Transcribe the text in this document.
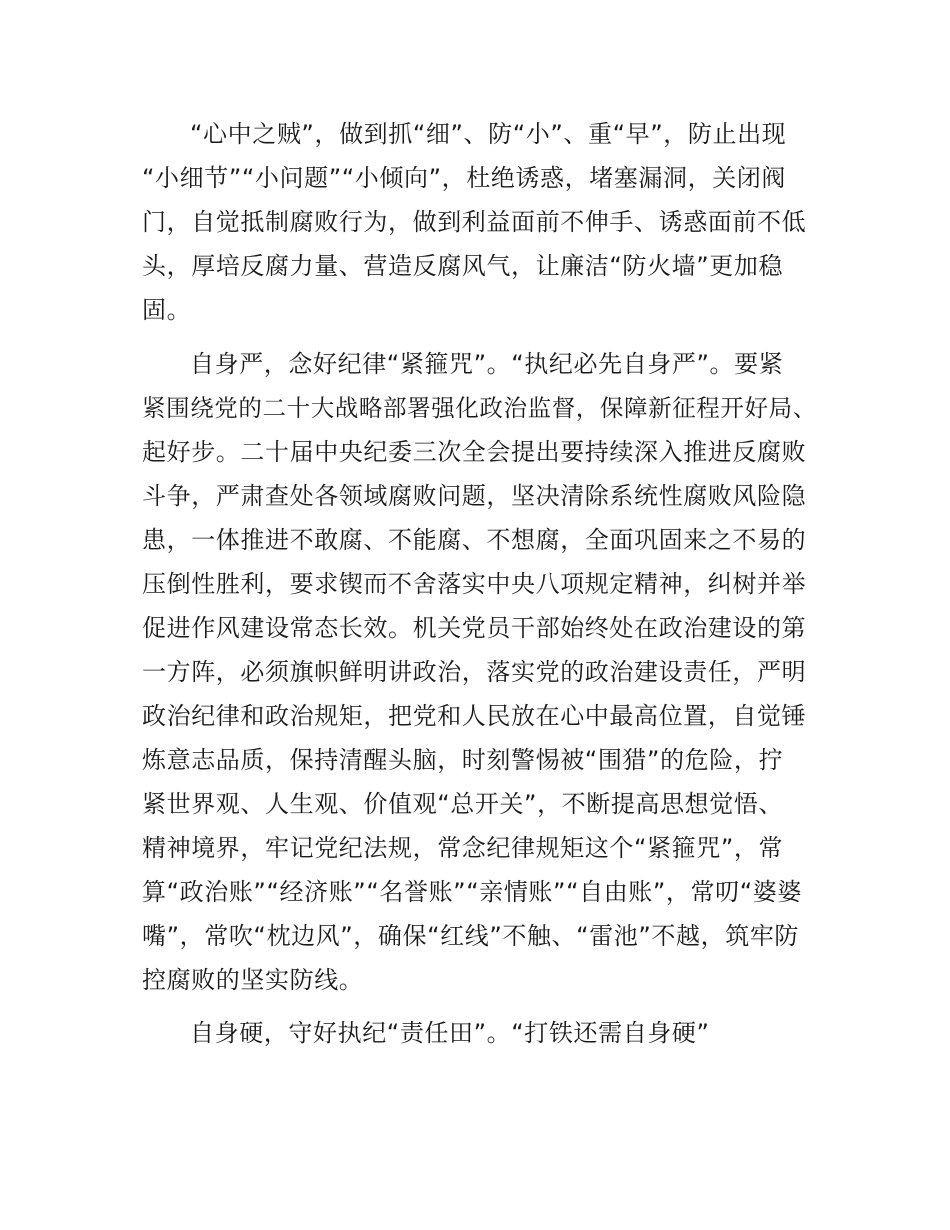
“心中之贼”，做到抓“细”、防“小”、重“早”，防止出现

“小细节”“小问题”“小倾向”，杜绝诱惑，堵塞漏洞，关闭阀

门，自觉抵制腐败行为，做到利益面前不伸手、诱惑面前不低

头，厚培反腐力量、营造反腐风气，让廉洁“防火墙”更加稳

固。

自身严，念好纪律“紧箍咒”。“执纪必先自身严”。要紧

紧围绕党的二十大战略部署强化政治监督，保障新征程开好局、

起好步。二十届中央纪委三次全会提出要持续深入推进反腐败

斗争，严肃查处各领域腐败问题，坚决清除系统性腐败风险隐

患，一体推进不敢腐、不能腐、不想腐，全面巩固来之不易的

压倒性胜利，要求锲而不舍落实中央八项规定精神，纠树并举

促进作风建设常态长效。机关党员干部始终处在政治建设的第

一方阵，必须旗帜鲜明讲政治，落实党的政治建设责任，严明

政治纪律和政治规矩，把党和人民放在心中最高位置，自觉锤

炼意志品质，保持清醒头脑，时刻警惕被“围猎”的危险，拧

紧世界观、人生观、价值观“总开关”，不断提高思想觉悟、

精神境界，牢记党纪法规，常念纪律规矩这个“紧箍咒”，常

算“政治账”“经济账”“名誉账”“亲情账”“自由账”，常叨“婆婆

嘴”，常吹“枕边风”，确保“红线”不触、“雷池”不越，筑牢防

控腐败的坚实防线。

自身硬，守好执纪“责任田”。“打铁还需自身硬”
